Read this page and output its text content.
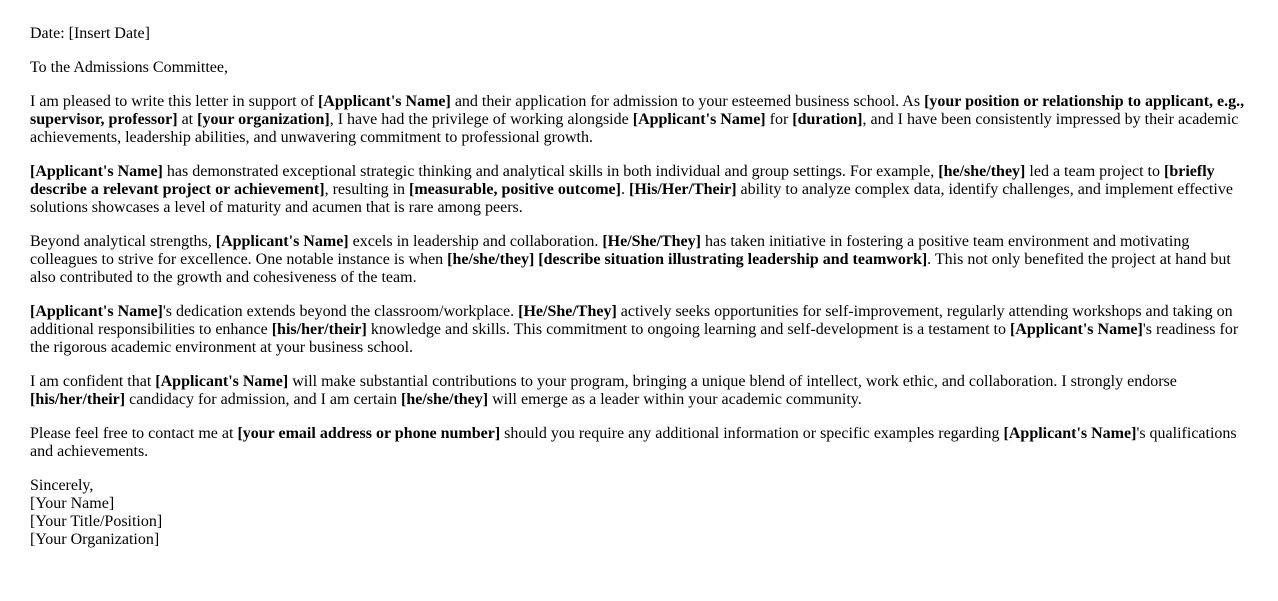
Date: [Insert Date]

To the Admissions Committee,

I am pleased to write this letter in support of [Applicant's Name] and their application for admission to your esteemed business school. As [your position or relationship to applicant, e.g., supervisor, professor] at [your organization], I have had the privilege of working alongside [Applicant's Name] for [duration], and I have been consistently impressed by their academic achievements, leadership abilities, and unwavering commitment to professional growth.

[Applicant's Name] has demonstrated exceptional strategic thinking and analytical skills in both individual and group settings. For example, [he/she/they] led a team project to [briefly describe a relevant project or achievement], resulting in [measurable, positive outcome]. [His/Her/Their] ability to analyze complex data, identify challenges, and implement effective solutions showcases a level of maturity and acumen that is rare among peers.

Beyond analytical strengths, [Applicant's Name] excels in leadership and collaboration. [He/She/They] has taken initiative in fostering a positive team environment and motivating colleagues to strive for excellence. One notable instance is when [he/she/they] [describe situation illustrating leadership and teamwork]. This not only benefited the project at hand but also contributed to the growth and cohesiveness of the team.

[Applicant's Name]'s dedication extends beyond the classroom/workplace. [He/She/They] actively seeks opportunities for self-improvement, regularly attending workshops and taking on additional responsibilities to enhance [his/her/their] knowledge and skills. This commitment to ongoing learning and self-development is a testament to [Applicant's Name]'s readiness for the rigorous academic environment at your business school.

I am confident that [Applicant's Name] will make substantial contributions to your program, bringing a unique blend of intellect, work ethic, and collaboration. I strongly endorse [his/her/their] candidacy for admission, and I am certain [he/she/they] will emerge as a leader within your academic community.

Please feel free to contact me at [your email address or phone number] should you require any additional information or specific examples regarding [Applicant's Name]'s qualifications and achievements.

Sincerely,
[Your Name]
[Your Title/Position]
[Your Organization]
